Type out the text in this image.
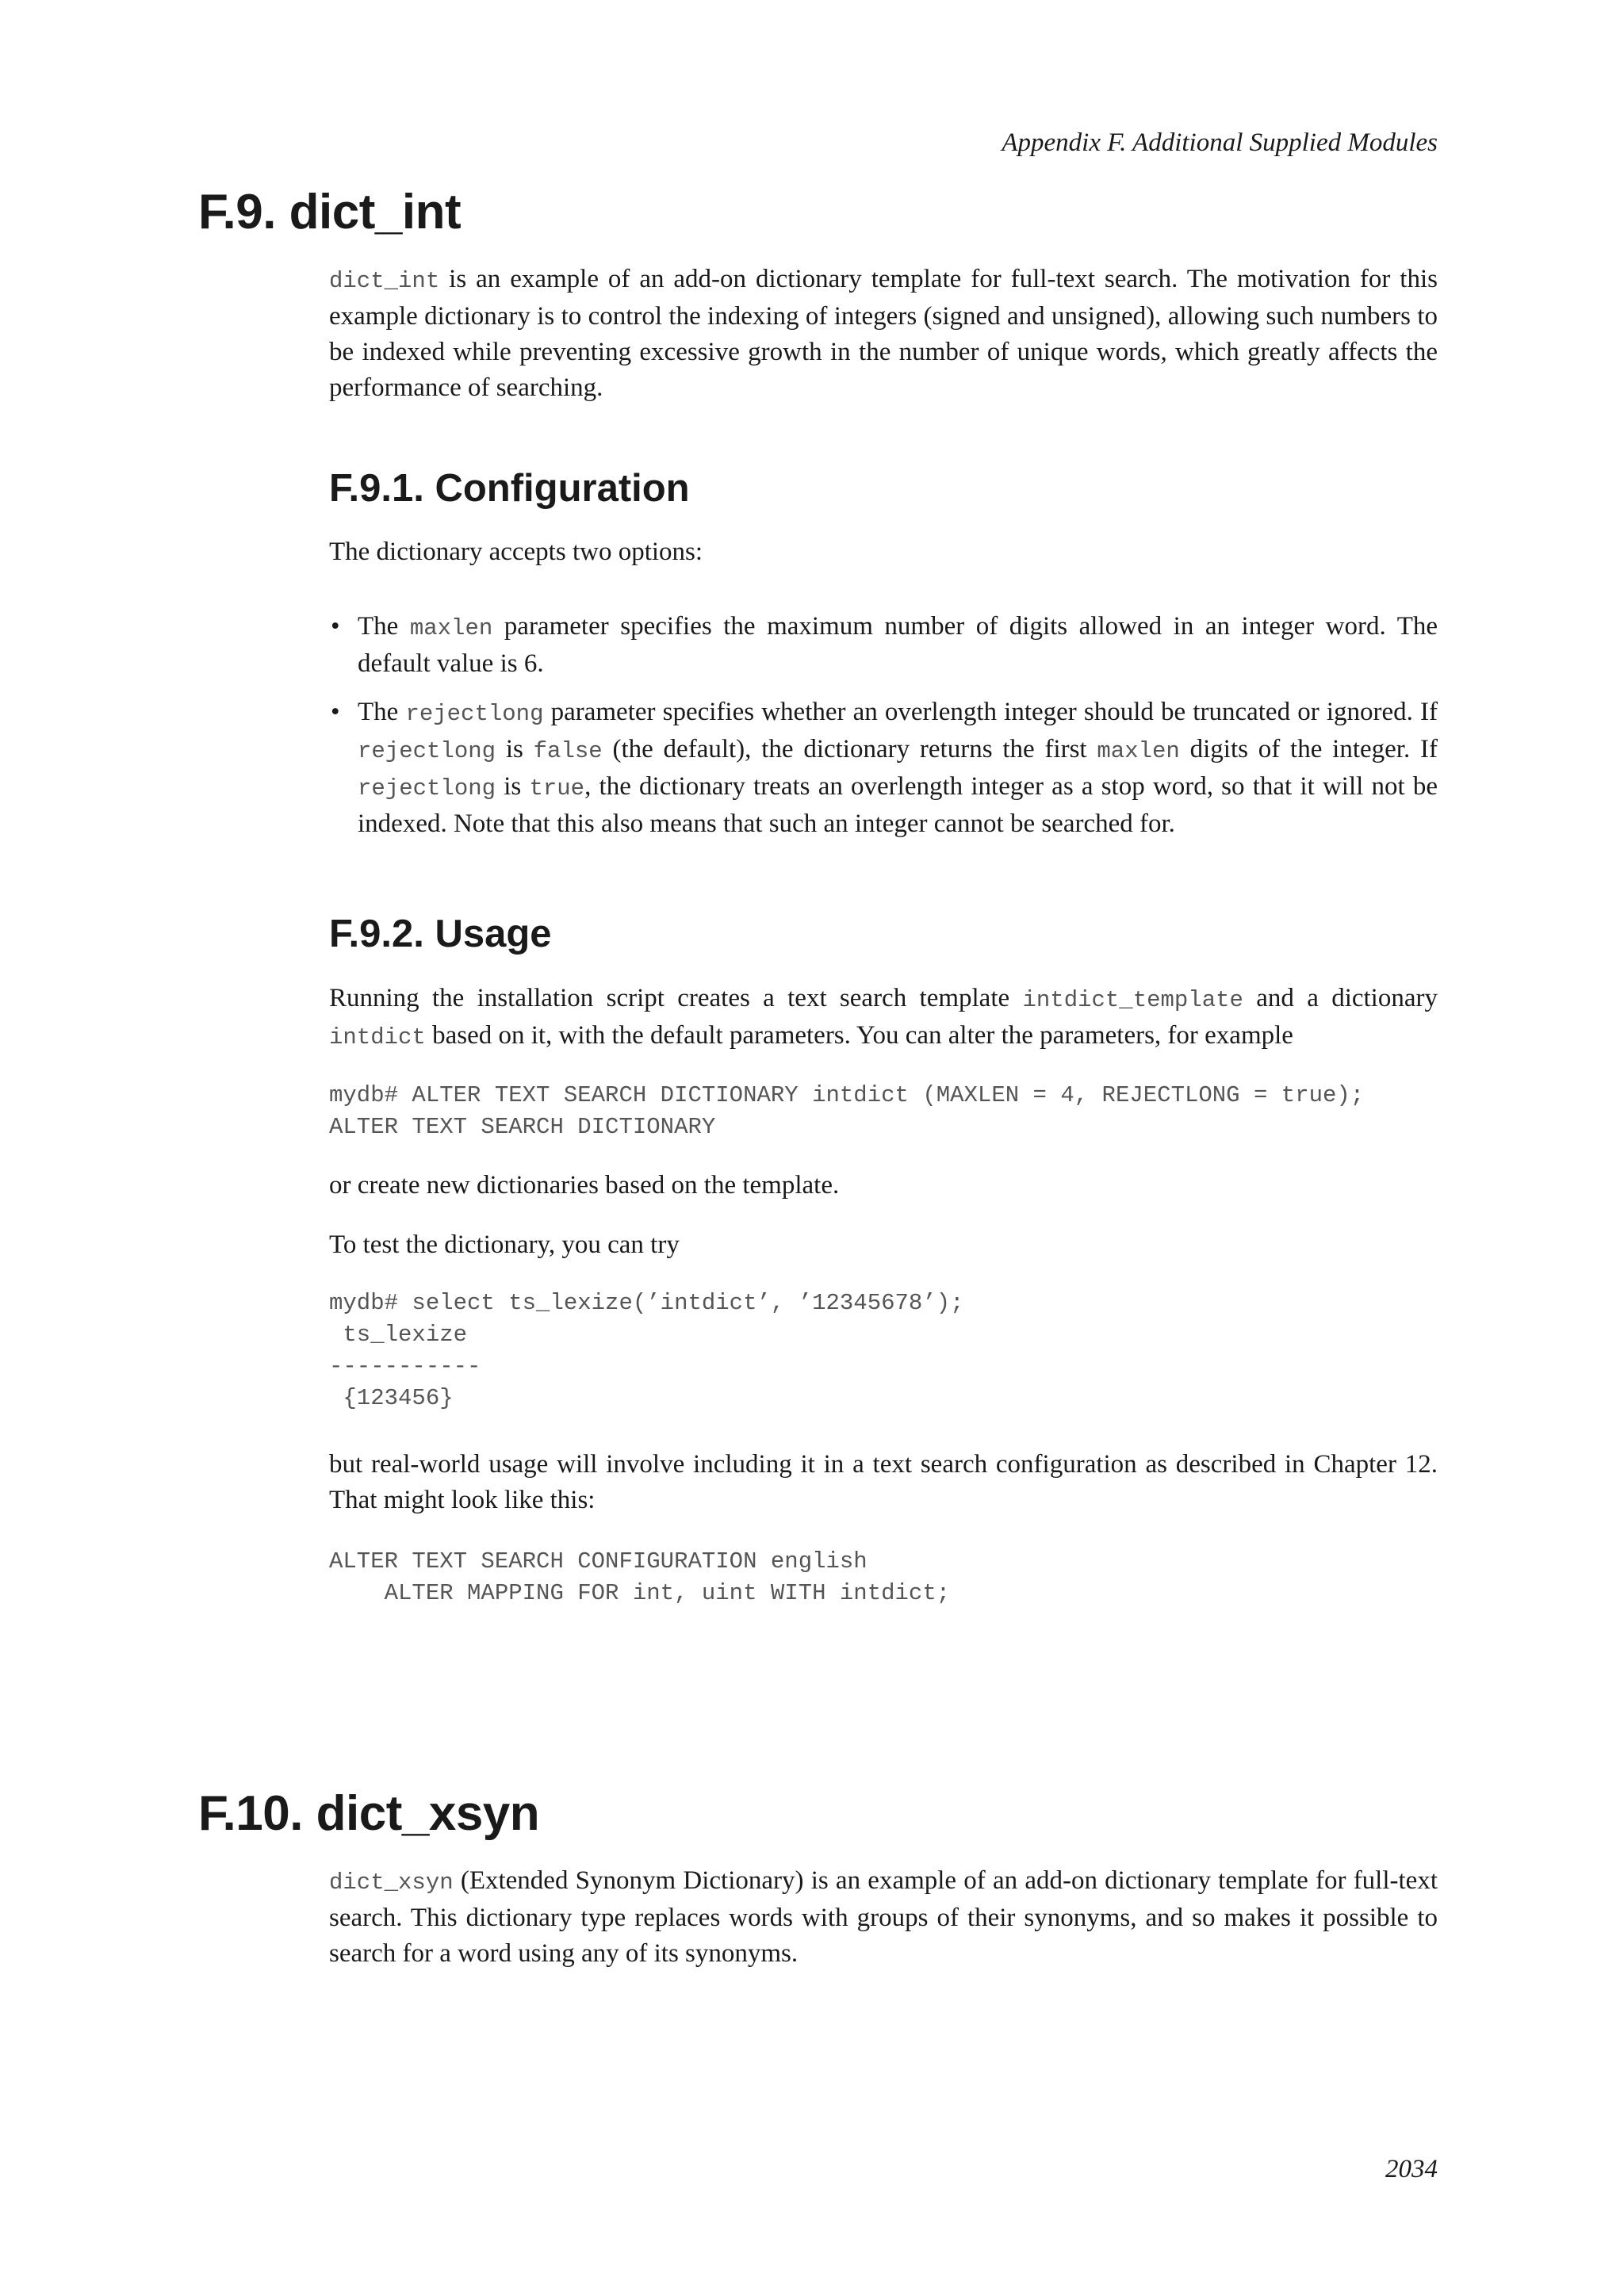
Appendix F. Additional Supplied Modules
F.9. dict_int

dict_int is an example of an add-on dictionary template for full-text search. The motivation for this example dictionary is to control the indexing of integers (signed and unsigned), allowing such numbers to be indexed while preventing excessive growth in the number of unique words, which greatly affects the performance of searching.

F.9.1. Configuration

The dictionary accepts two options:

• The maxlen parameter specifies the maximum number of digits allowed in an integer word. The default value is 6.
• The rejectlong parameter specifies whether an overlength integer should be truncated or ignored. If rejectlong is false (the default), the dictionary returns the first maxlen digits of the integer. If rejectlong is true, the dictionary treats an overlength integer as a stop word, so that it will not be indexed. Note that this also means that such an integer cannot be searched for.
F.9.2. Usage

Running the installation script creates a text search template intdict_template and a dictionary intdict based on it, with the default parameters. You can alter the parameters, for example

mydb# ALTER TEXT SEARCH DICTIONARY intdict (MAXLEN = 4, REJECTLONG = true);
ALTER TEXT SEARCH DICTIONARY

or create new dictionaries based on the template.

To test the dictionary, you can try

mydb# select ts_lexize(’intdict’, ’12345678’);
ts_lexize
-----------
{123456}

but real-world usage will involve including it in a text search configuration as described in Chapter 12. That might look like this:

ALTER TEXT SEARCH CONFIGURATION english
ALTER MAPPING FOR int, uint WITH intdict;
F.10. dict_xsyn

dict_xsyn (Extended Synonym Dictionary) is an example of an add-on dictionary template for full-text search. This dictionary type replaces words with groups of their synonyms, and so makes it possible to search for a word using any of its synonyms.

2034
